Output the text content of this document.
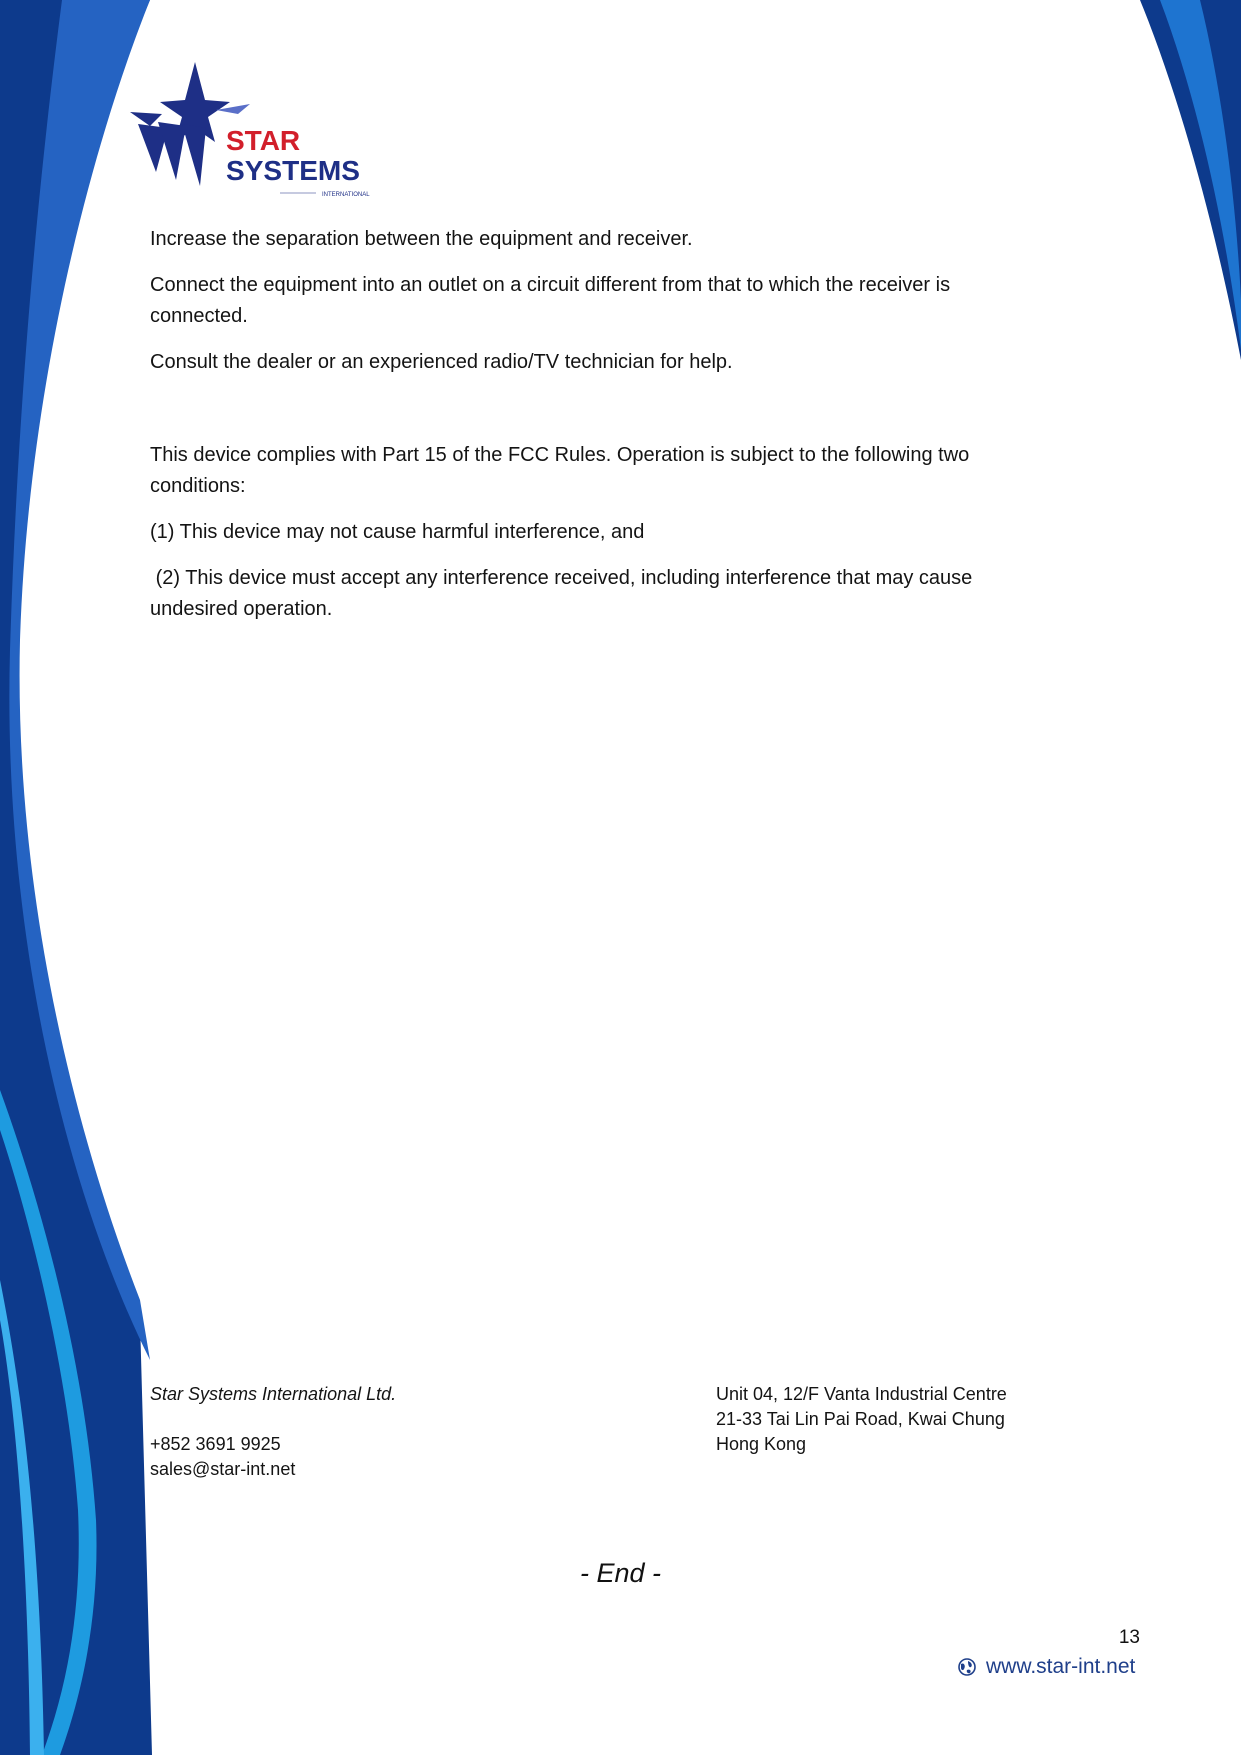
STAR
SYSTEMS
INTERNATIONAL

Increase the separation between the equipment and receiver.

Connect the equipment into an outlet on a circuit different from that to which the receiver is connected.

Consult the dealer or an experienced radio/TV technician for help.

This device complies with Part 15 of the FCC Rules. Operation is subject to the following two conditions:

(1) This device may not cause harmful interference, and

(2) This device must accept any interference received, including interference that may cause undesired operation.

Star Systems International Ltd.
+852 3691 9925
sales@star-int.net
Unit 04, 12/F Vanta Industrial Centre
21-33 Tai Lin Pai Road, Kwai Chung
Hong Kong
- End -
13
www.star-int.net
